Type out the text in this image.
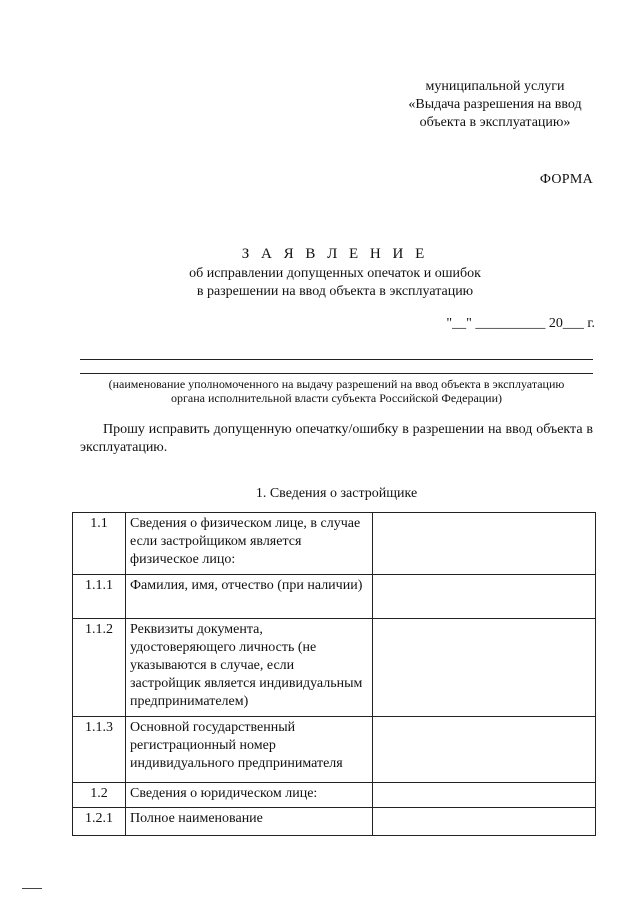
муниципальной услуги
«Выдача разрешения на ввод
объекта в эксплуатацию»
ФОРМА
З А Я В Л Е Н И Е
об исправлении допущенных опечаток и ошибок
в разрешении на ввод объекта в эксплуатацию
"__" __________ 20___ г.
(наименование уполномоченного на выдачу разрешений на ввод объекта в эксплуатацию
органа исполнительной власти субъекта Российской Федерации)
Прошу исправить допущенную опечатку/ошибку в разрешении на ввод объекта в эксплуатацию.
1. Сведения о застройщике
1.1	Сведения о физическом лице, в случае если застройщиком является физическое лицо:	
1.1.1	Фамилия, имя, отчество (при наличии)	
1.1.2	Реквизиты документа, удостоверяющего личность (не указываются в случае, если застройщик является индивидуальным предпринимателем)	
1.1.3	Основной государственный регистрационный номер индивидуального предпринимателя	
1.2	Сведения о юридическом лице:	
1.2.1	Полное наименование	
